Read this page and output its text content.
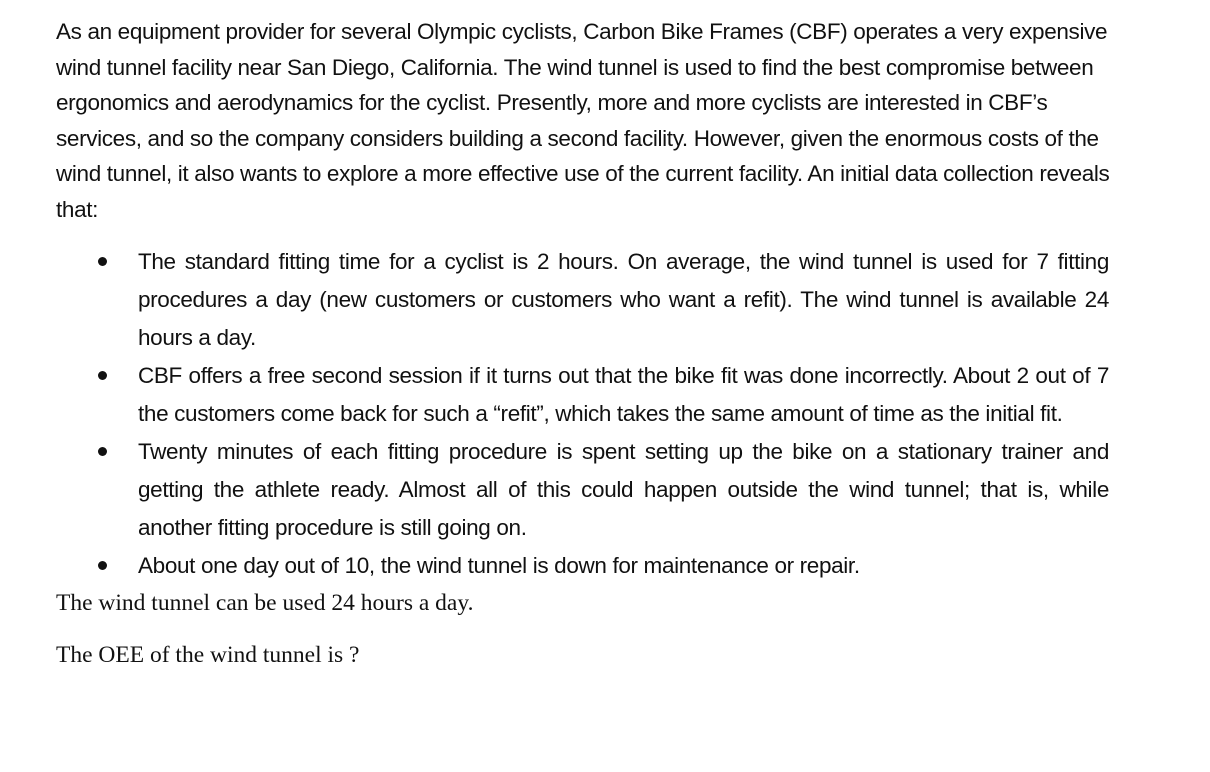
As an equipment provider for several Olympic cyclists, Carbon Bike Frames (CBF) operates a very expensive wind tunnel facility near San Diego, California. The wind tunnel is used to find the best compromise between ergonomics and aerodynamics for the cyclist. Presently, more and more cyclists are interested in CBF’s services, and so the company considers building a second facility. However, given the enormous costs of the wind tunnel, it also wants to explore a more effective use of the current facility. An initial data collection reveals that:

The standard fitting time for a cyclist is 2 hours. On average, the wind tunnel is used for 7 fitting procedures a day (new customers or customers who want a refit). The wind tunnel is available 24 hours a day.
CBF offers a free second session if it turns out that the bike fit was done incorrectly. About 2 out of 7 the customers come back for such a “refit”, which takes the same amount of time as the initial fit.
Twenty minutes of each fitting procedure is spent setting up the bike on a stationary trainer and getting the athlete ready. Almost all of this could happen outside the wind tunnel; that is, while another fitting procedure is still going on.
About one day out of 10, the wind tunnel is down for maintenance or repair.

The wind tunnel can be used 24 hours a day.

The OEE of the wind tunnel is ?
